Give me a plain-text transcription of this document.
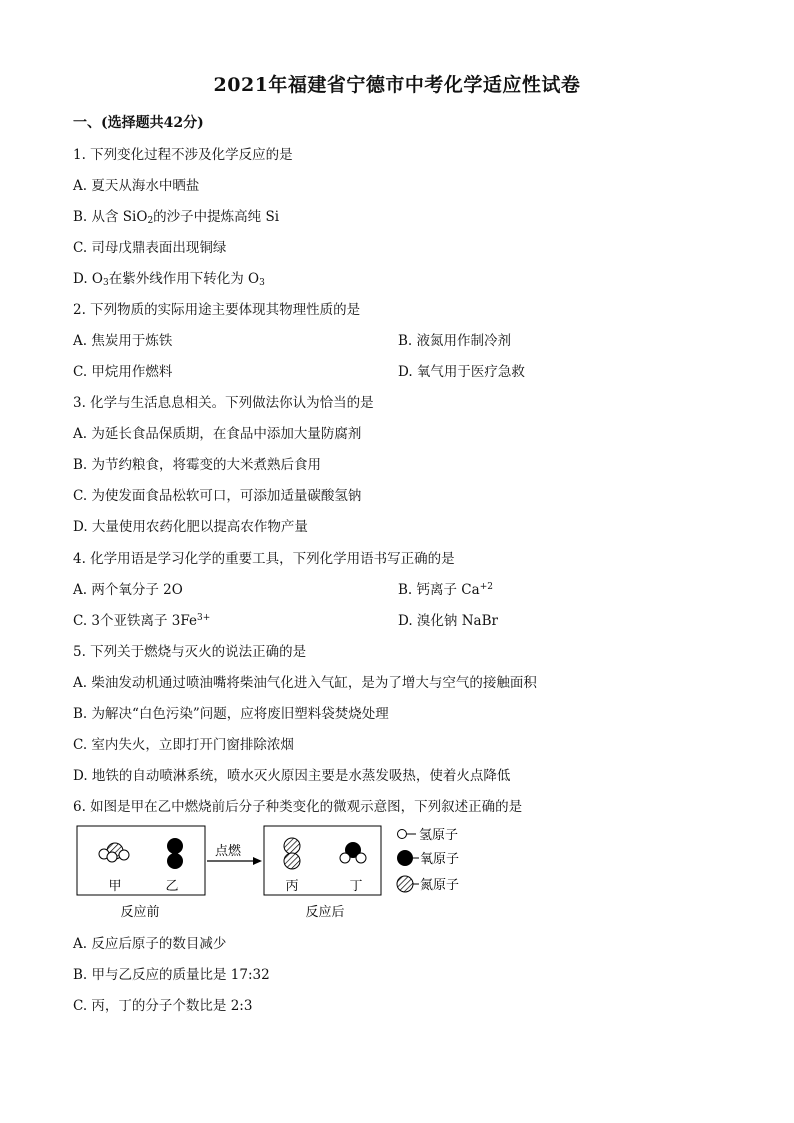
2021年福建省宁德市中考化学适应性试卷
一、(选择题共42分)
1. 下列变化过程不涉及化学反应的是
A. 夏天从海水中晒盐
B. 从含 SiO$_2$的沙子中提炼高纯 Si
C. 司母戊鼎表面出现铜绿
D. $O_3$在紫外线作用下转化为 $O_3$
2. 下列物质的实际用途主要体现其物理性质的是
A. 焦炭用于炼铁	B. 液氮用作制冷剂
C. 甲烷用作燃料	D. 氧气用于医疗急救
3. 化学与生活息息相关。下列做法你认为恰当的是
A. 为延长食品保质期，在食品中添加大量防腐剂
B. 为节约粮食，将霉变的大米煮熟后食用
C. 为使发面食品松软可口，可添加适量碳酸氢钠
D. 大量使用农药化肥以提高农作物产量
4. 化学用语是学习化学的重要工具，下列化学用语书写正确的是
A. 两个氧分子 2O	B. 钙离子 $Ca^{+2}$
C. 3个亚铁离子 $3Fe^{3+}$	D. 溴化钠 NaBr
5. 下列关于燃烧与灭火的说法正确的是
A. 柴油发动机通过喷油嘴将柴油气化进入气缸，是为了增大与空气的接触面积
B. 为解决“白色污染”问题，应将废旧塑料袋焚烧处理
C. 室内失火，立即打开门窗排除浓烟
D. 地铁的自动喷淋系统，喷水灭火原因主要是水蒸发吸热，使着火点降低
6. 如图是甲在乙中燃烧前后分子种类变化的微观示意图，下列叙述正确的是
甲	乙
点燃
丙	丁
反应前	反应后
氢原子
氧原子
氮原子
A. 反应后原子的数目减少
B. 甲与乙反应的质量比是 17:32
C. 丙，丁的分子个数比是 2:3
